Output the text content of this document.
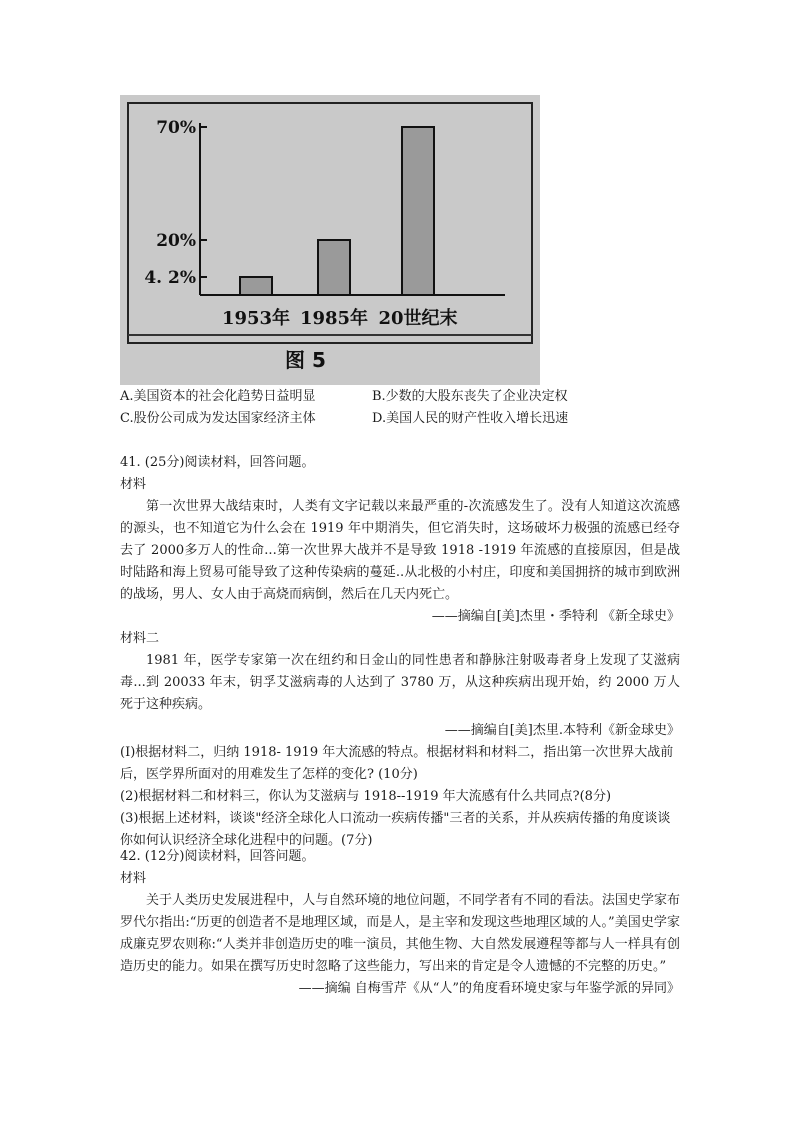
4. 2%
20%
70%
1953年 1985年 20世纪末
图 5
A.美国资本的社会化趋势日益明显	B.少数的大股东丧失了企业决定权
C.股份公司成为发达国家经济主体	D.美国人民的财产性收入增长迅速

41. (25分)阅读材料，回答问题。

材料

第一次世界大战结束时，人类有文字记载以来最严重的-次流感发生了。没有人知道这次流感的源头，也不知道它为什么会在 1919 年中期消失，但它消失时，这场破坏力极强的流感已经夺去了 2000多万人的性命...第一次世界大战并不是导致 1918 -1919 年流感的直接原因，但是战时陆路和海上贸易可能导致了这种传染病的蔓延..从北极的小村庄，印度和美国拥挤的城市到欧洲的战场，男人、女人由于高烧而病倒，然后在几天内死亡。

——摘编自[美]杰里・季特利 《新全球史》

材料二

1981 年，医学专家第一次在纽约和日金山的同性患者和静脉注射吸毒者身上发现了艾滋病毒...到 20033 年末，钥孚艾滋病毒的人达到了 3780 万，从这种疾病出现开始，约 2000 万人死于这种疾病。

——摘编自[美]杰里.本特利《新金球史》

(I)根据材料二，归纳 1918- 1919 年大流感的特点。根据材料和材料二，指出第一次世界大战前后，医学界所面对的用难发生了怎样的变化? (10分)

(2)根据材料二和材料三，你认为艾滋病与 1918--1919 年大流感有什么共同点?(8分)

(3)根据上述材料，谈谈"经济全球化人口流动一疾病传播"三者的关系，并从疾病传播的角度谈谈你如何认识经济全球化进程中的问题。(7分)

42. (12分)阅读材料，回答问题。

材料

关于人类历史发展进程中，人与自然环境的地位问题，不同学者有不同的看法。法国史学家布罗代尔指出:“历更的创造者不是地理区域，而是人，是主宰和发现这些地理区域的人。”美国史学家成廉克罗农则称:“人类并非创造历史的唯一演员，其他生物、大自然发展遵程等都与人一样具有创造历史的能力。如果在撰写历史时忽略了这些能力，写出来的肯定是令人遗憾的不完整的历史。”

——摘编 自梅雪芹《从“人”的角度看环境史家与年鉴学派的异同》
